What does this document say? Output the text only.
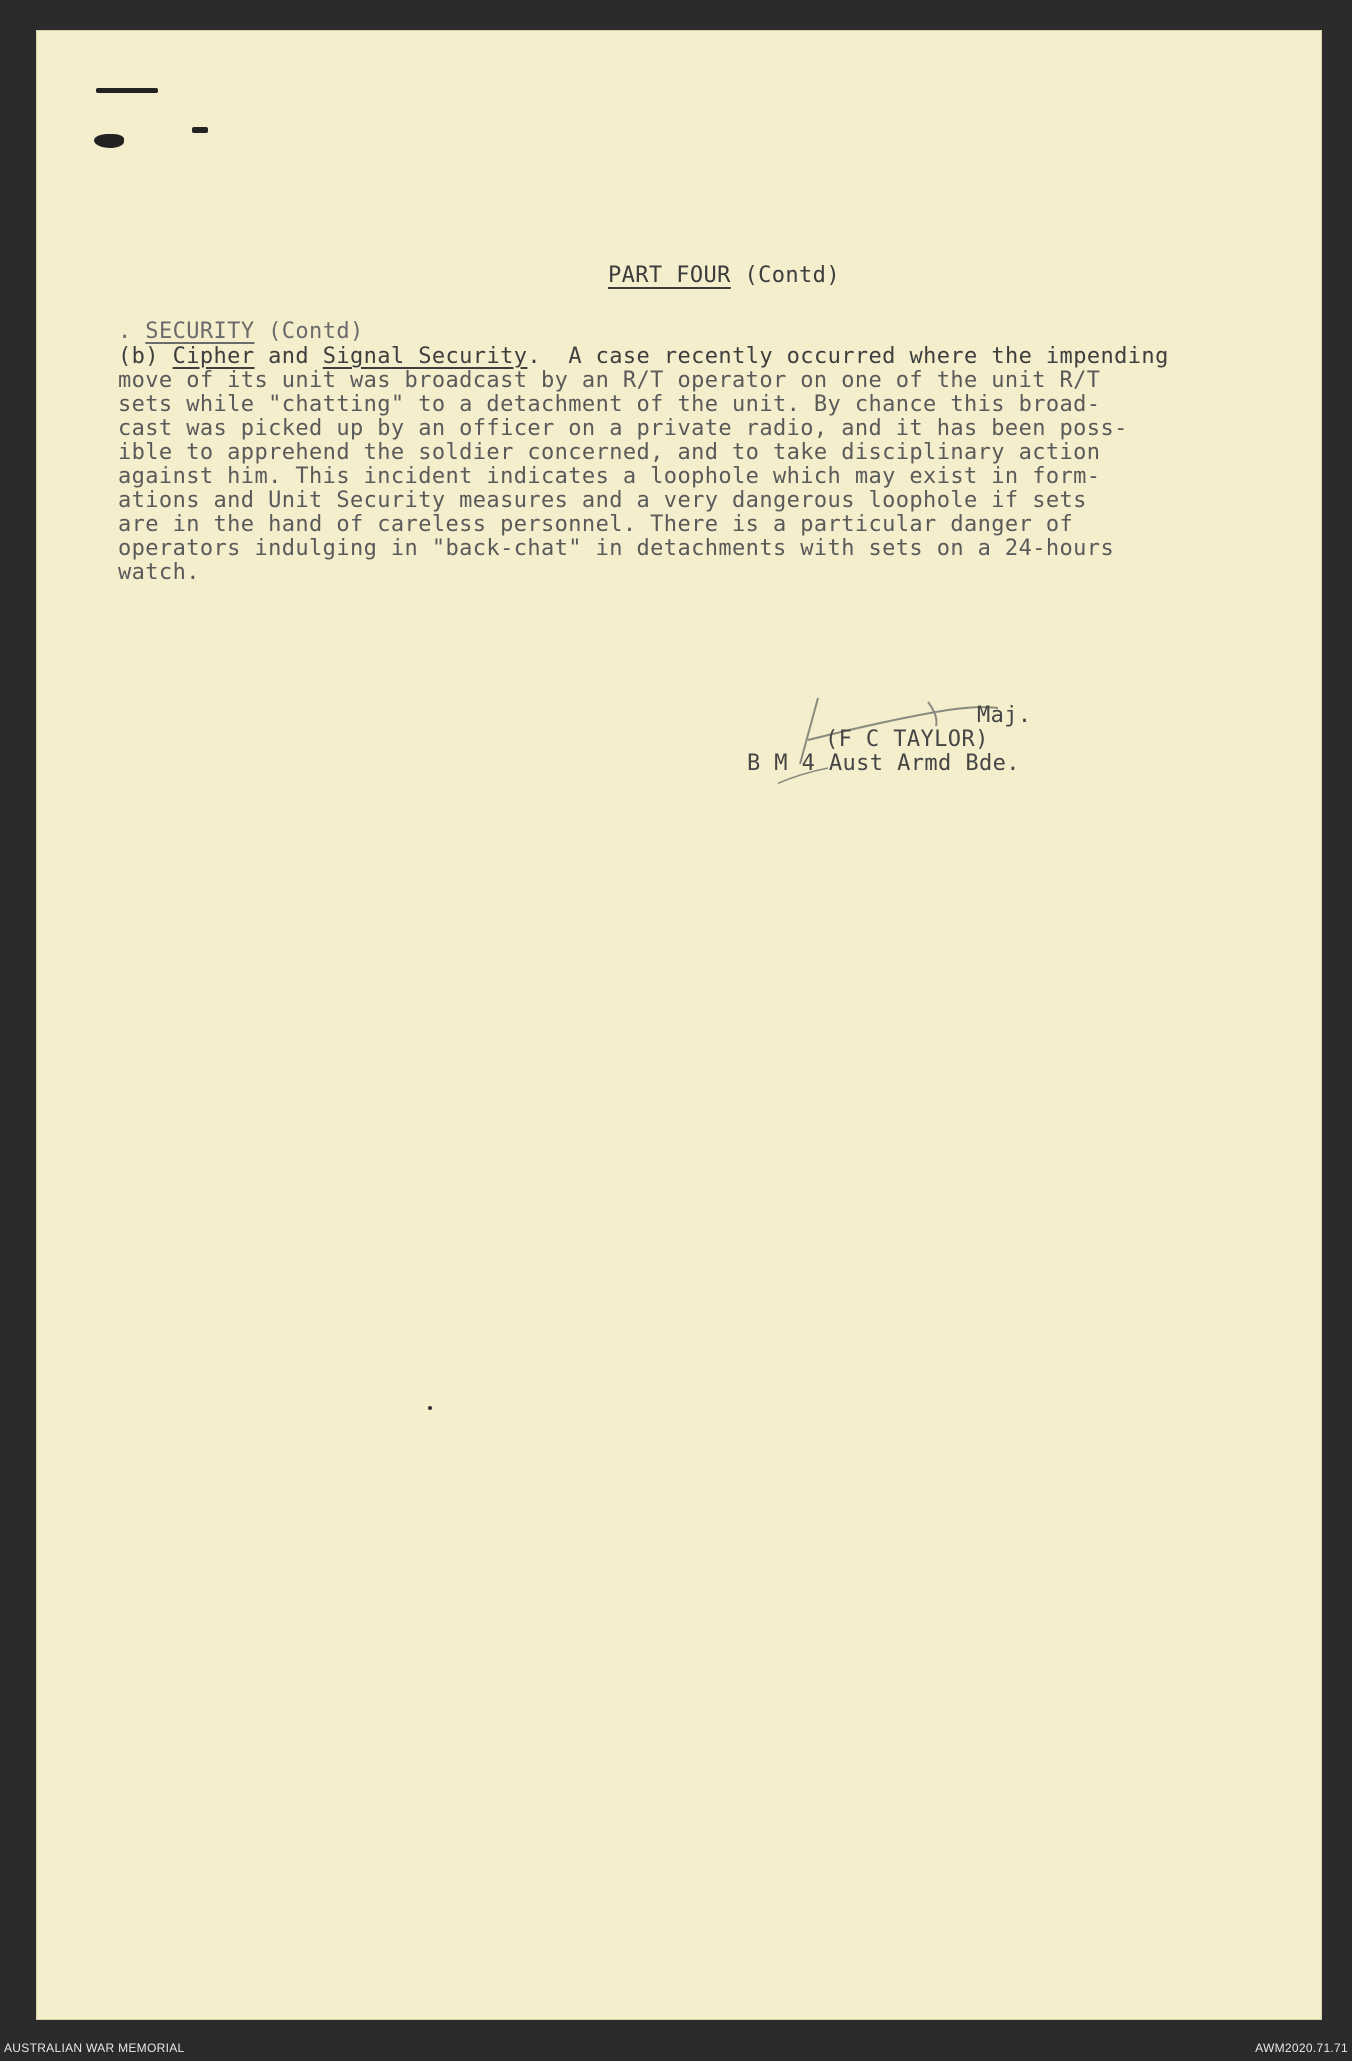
PART FOUR (Contd)
. SECURITY (Contd)
(b) Cipher and Signal Security.  A case recently occurred where the impending
move of its unit was broadcast by an R/T operator on one of the unit R/T
sets while "chatting" to a detachment of the unit. By chance this broad-
cast was picked up by an officer on a private radio, and it has been poss-
ible to apprehend the soldier concerned, and to take disciplinary action
against him. This incident indicates a loophole which may exist in form-
ations and Unit Security measures and a very dangerous loophole if sets
are in the hand of careless personnel. There is a particular danger of
operators indulging in "back-chat" in detachments with sets on a 24-hours
watch.
Maj.
(F C TAYLOR)
B M 4 Aust Armd Bde.
AUSTRALIAN WAR MEMORIAL	AWM2020.71.71
